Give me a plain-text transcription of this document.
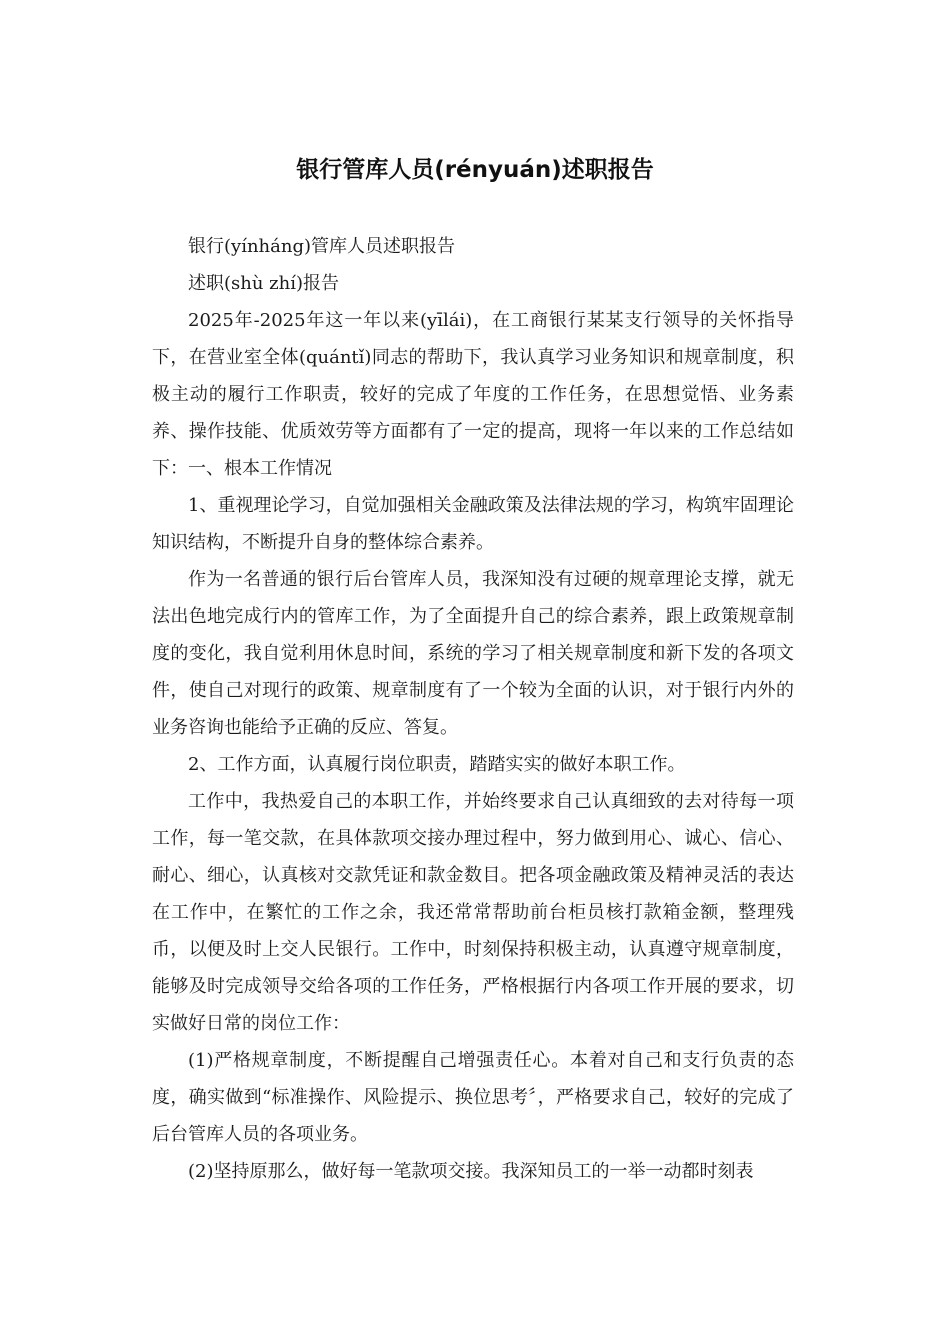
银行管库人员(rényuán)述职报告

银行(yínháng)管库人员述职报告

述职(shù zhí)报告

2025年-2025年这一年以来(yīlái)，在工商银行某某支行领导的关怀指导下，在营业室全体(quántǐ)同志的帮助下，我认真学习业务知识和规章制度，积极主动的履行工作职责，较好的完成了年度的工作任务，在思想觉悟、业务素养、操作技能、优质效劳等方面都有了一定的提高，现将一年以来的工作总结如下：一、根本工作情况

1、重视理论学习，自觉加强相关金融政策及法律法规的学习，构筑牢固理论知识结构，不断提升自身的整体综合素养。

作为一名普通的银行后台管库人员，我深知没有过硬的规章理论支撑，就无法出色地完成行内的管库工作，为了全面提升自己的综合素养，跟上政策规章制度的变化，我自觉利用休息时间，系统的学习了相关规章制度和新下发的各项文件，使自己对现行的政策、规章制度有了一个较为全面的认识，对于银行内外的业务咨询也能给予正确的反应、答复。

2、工作方面，认真履行岗位职责，踏踏实实的做好本职工作。

工作中，我热爱自己的本职工作，并始终要求自己认真细致的去对待每一项工作，每一笔交款，在具体款项交接办理过程中，努力做到用心、诚心、信心、耐心、细心，认真核对交款凭证和款金数目。把各项金融政策及精神灵活的表达在工作中，在繁忙的工作之余，我还常常帮助前台柜员核打款箱金额，整理残币，以便及时上交人民银行。工作中，时刻保持积极主动，认真遵守规章制度，能够及时完成领导交给各项的工作任务，严格根据行内各项工作开展的要求，切实做好日常的岗位工作：

(1)严格规章制度，不断提醒自己增强责任心。本着对自己和支行负责的态度，确实做到“标准操作、风险提示、换位思考〞，严格要求自己，较好的完成了后台管库人员的各项业务。

(2)坚持原那么，做好每一笔款项交接。我深知员工的一举一动都时刻表
